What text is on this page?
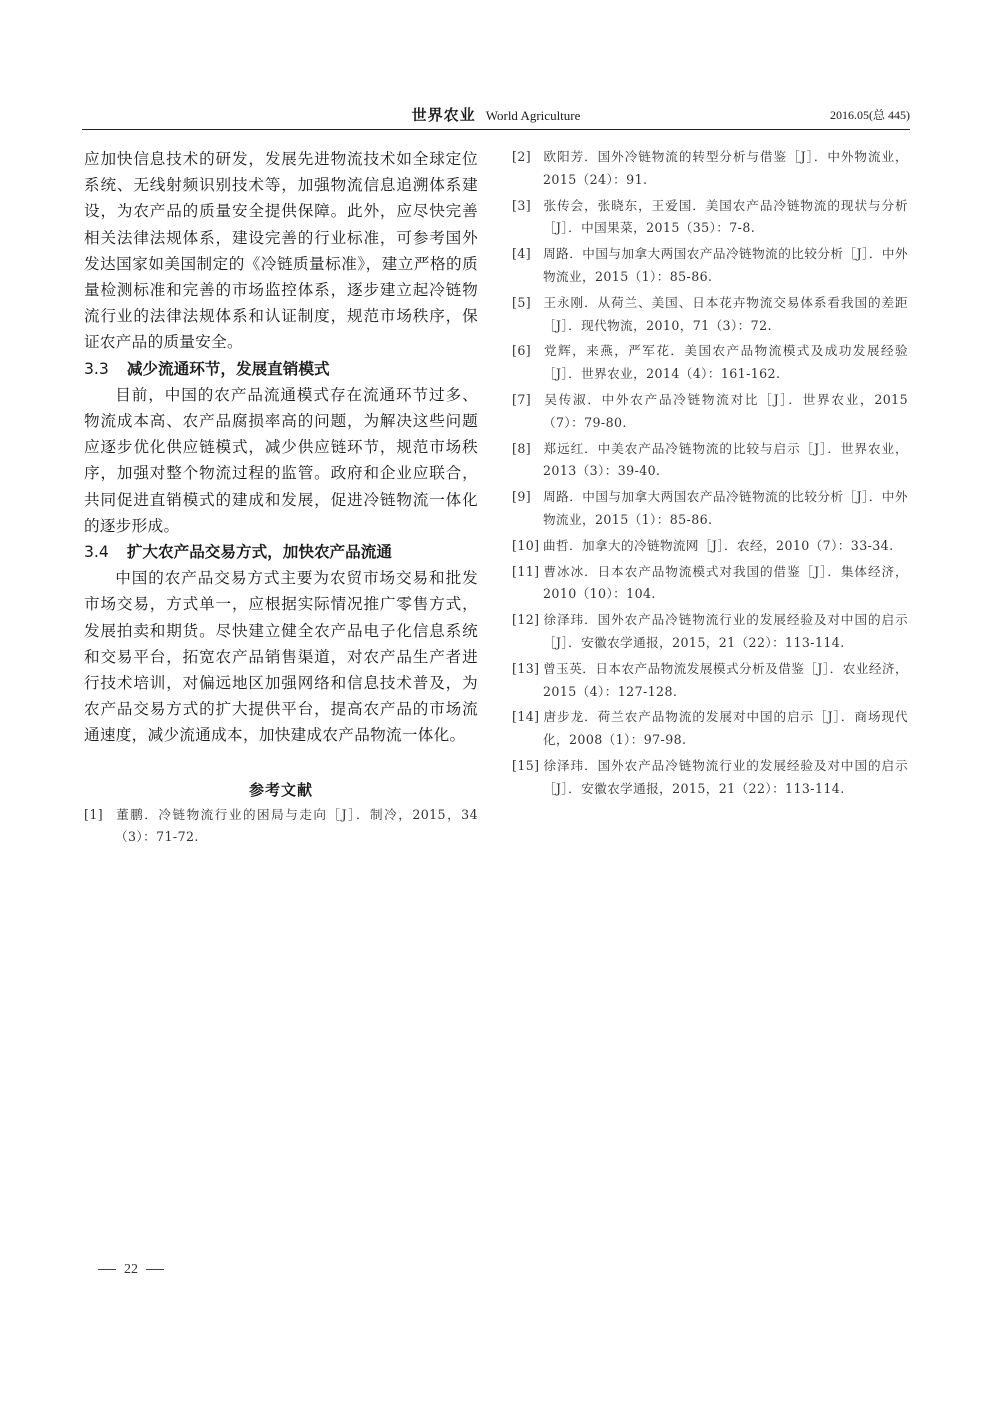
世界农业 World Agriculture	2016.05(总 445)

应加快信息技术的研发，发展先进物流技术如全球定位系统、无线射频识别技术等，加强物流信息追溯体系建设，为农产品的质量安全提供保障。此外，应尽快完善相关法律法规体系，建设完善的行业标准，可参考国外发达国家如美国制定的《冷链质量标准》，建立严格的质量检测标准和完善的市场监控体系，逐步建立起冷链物流行业的法律法规体系和认证制度，规范市场秩序，保证农产品的质量安全。

3.3 减少流通环节，发展直销模式

目前，中国的农产品流通模式存在流通环节过多、物流成本高、农产品腐损率高的问题，为解决这些问题应逐步优化供应链模式，减少供应链环节，规范市场秩序，加强对整个物流过程的监管。政府和企业应联合，共同促进直销模式的建成和发展，促进冷链物流一体化的逐步形成。

3.4 扩大农产品交易方式，加快农产品流通

中国的农产品交易方式主要为农贸市场交易和批发市场交易，方式单一，应根据实际情况推广零售方式，发展拍卖和期货。尽快建立健全农产品电子化信息系统和交易平台，拓宽农产品销售渠道，对农产品生产者进行技术培训，对偏远地区加强网络和信息技术普及，为农产品交易方式的扩大提供平台，提高农产品的市场流通速度，减少流通成本，加快建成农产品物流一体化。

参考文献

[1] 董鹏．冷链物流行业的困局与走向［J］．制冷，2015，34（3）：71-72.

[2] 欧阳芳．国外冷链物流的转型分析与借鉴［J］．中外物流业，2015（24）：91.

[3] 张传会，张晓东，王爱国．美国农产品冷链物流的现状与分析［J］．中国果菜，2015（35）：7-8.

[4] 周路．中国与加拿大两国农产品冷链物流的比较分析［J］．中外物流业，2015（1）：85-86.

[5] 王永刚．从荷兰、美国、日本花卉物流交易体系看我国的差距［J］．现代物流，2010，71（3）：72.

[6] 党辉，来燕，严军花．美国农产品物流模式及成功发展经验［J］．世界农业，2014（4）：161-162.

[7] 吴传淑．中外农产品冷链物流对比［J］．世界农业，2015（7）：79-80.

[8] 郑远红．中美农产品冷链物流的比较与启示［J］．世界农业，2013（3）：39-40.

[9] 周路．中国与加拿大两国农产品冷链物流的比较分析［J］．中外物流业，2015（1）：85-86.

[10] 曲哲．加拿大的冷链物流网［J］．农经，2010（7）：33-34.

[11] 曹冰冰．日本农产品物流模式对我国的借鉴［J］．集体经济，2010（10）：104.

[12] 徐泽玮．国外农产品冷链物流行业的发展经验及对中国的启示［J］．安徽农学通报，2015，21（22）：113-114.

[13] 曾玉英．日本农产品物流发展模式分析及借鉴［J］．农业经济，2015（4）：127-128.

[14] 唐步龙．荷兰农产品物流的发展对中国的启示［J］．商场现代化，2008（1）：97-98.

[15] 徐泽玮．国外农产品冷链物流行业的发展经验及对中国的启示［J］．安徽农学通报，2015，21（22）：113-114.

22
